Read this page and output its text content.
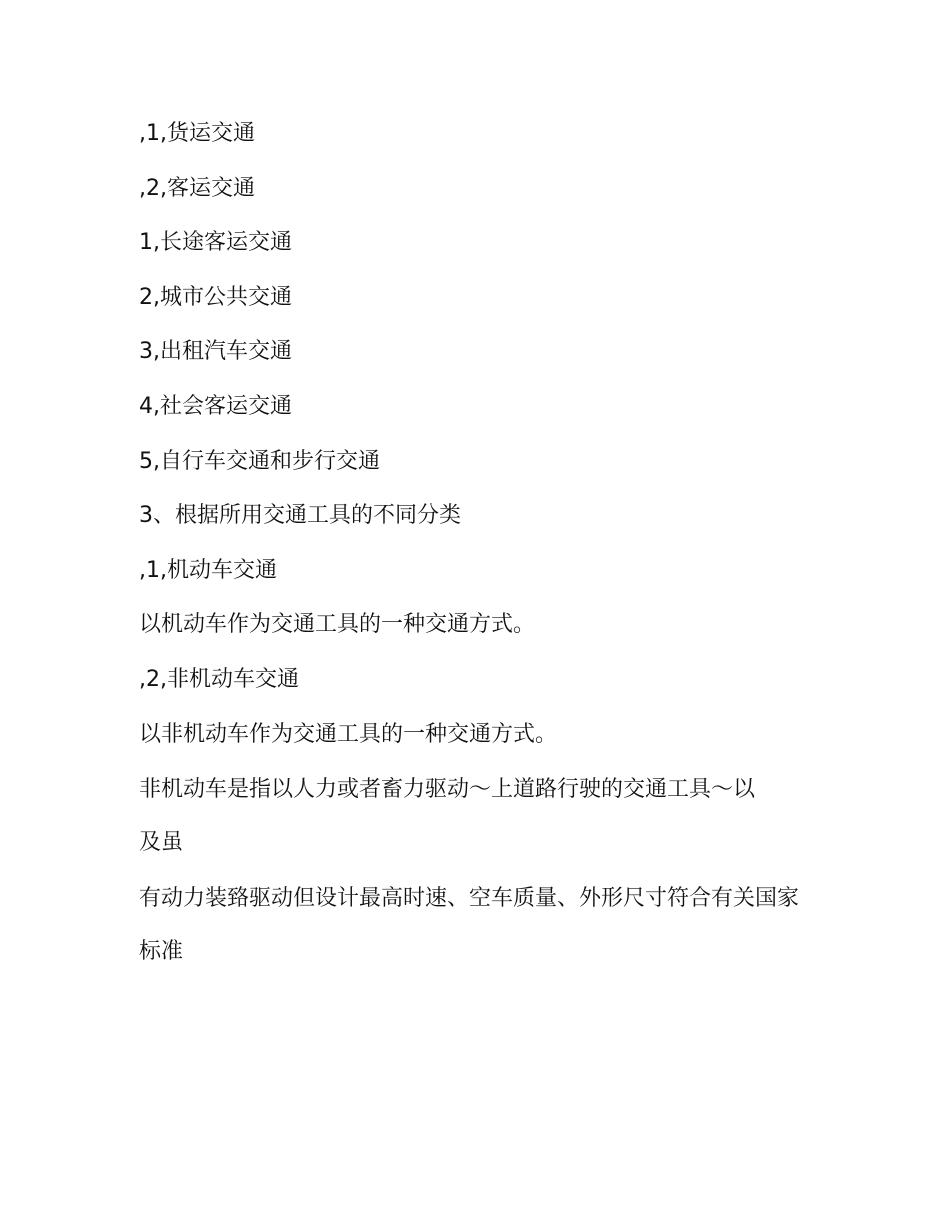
,1,货运交通
,2,客运交通
1,长途客运交通
2,城市公共交通
3,出租汽车交通
4,社会客运交通
5,自行车交通和步行交通
3、根据所用交通工具的不同分类
,1,机动车交通
以机动车作为交通工具的一种交通方式。
,2,非机动车交通
以非机动车作为交通工具的一种交通方式。
非机动车是指以人力或者畜力驱动～上道路行驶的交通工具～以
及虽
有动力装臵驱动但设计最高时速、空车质量、外形尺寸符合有关国家
标准
